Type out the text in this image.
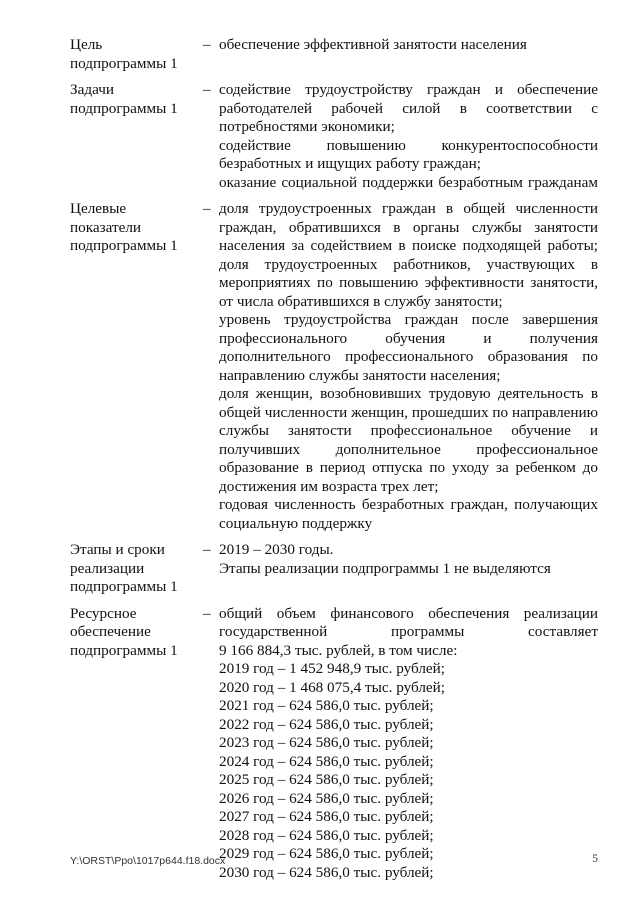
Цель
подпрограммы 1
– обеспечение эффективной занятости населения

Задачи
подпрограммы 1
– содействие трудоустройству граждан и обеспечение

работодателей рабочей силой в соответствии с

потребностями экономики;

содействие повышению конкурентоспособности

безработных и ищущих работу граждан;

оказание социальной поддержки безработным гражданам

Целевые
показатели
подпрограммы 1
– доля трудоустроенных граждан в общей численности

граждан, обратившихся в органы службы занятости

населения за содействием в поиске подходящей работы;

доля трудоустроенных работников, участвующих в

мероприятиях по повышению эффективности занятости,

от числа обратившихся в службу занятости;

уровень трудоустройства граждан после завершения

профессионального обучения и получения

дополнительного профессионального образования по

направлению службы занятости населения;

доля женщин, возобновивших трудовую деятельность в

общей численности женщин, прошедших по направлению

службы занятости профессиональное обучение и

получивших дополнительное профессиональное

образование в период отпуска по уходу за ребенком до

достижения им возраста трех лет;

годовая численность безработных граждан, получающих

социальную поддержку

Этапы и сроки
реализации
подпрограммы 1
– 2019 – 2030 годы.

Этапы реализации подпрограммы 1 не выделяются

Ресурсное
обеспечение
подпрограммы 1
– общий объем финансового обеспечения реализации

государственной программы составляет

9 166 884,3 тыс. рублей, в том числе:

2019 год – 1 452 948,9 тыс. рублей;

2020 год – 1 468 075,4 тыс. рублей;

2021 год – 624 586,0 тыс. рублей;

2022 год – 624 586,0 тыс. рублей;

2023 год – 624 586,0 тыс. рублей;

2024 год – 624 586,0 тыс. рублей;

2025 год – 624 586,0 тыс. рублей;

2026 год – 624 586,0 тыс. рублей;

2027 год – 624 586,0 тыс. рублей;

2028 год – 624 586,0 тыс. рублей;

2029 год – 624 586,0 тыс. рублей;

2030 год – 624 586,0 тыс. рублей;

Y:\ORST\Ppo\1017p644.f18.docx	5
